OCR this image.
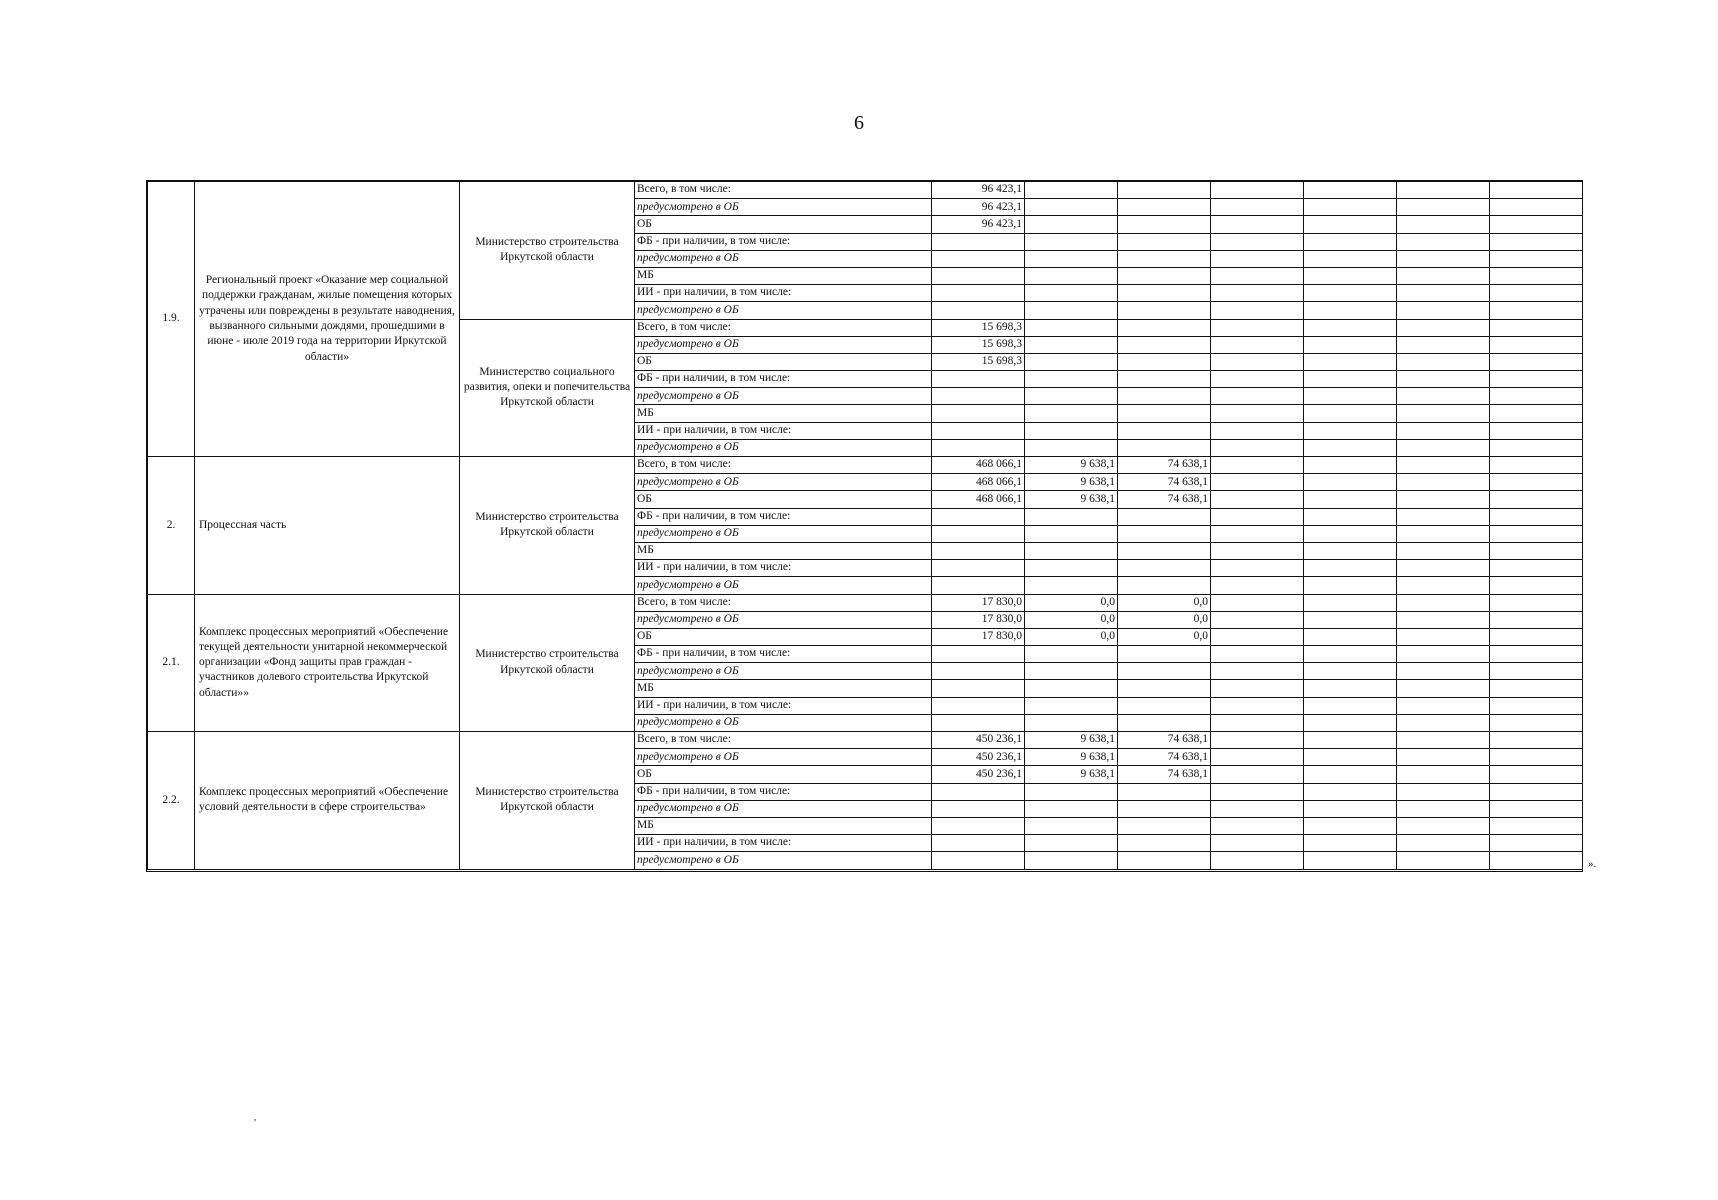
6
1.9.	Региональный проект «Оказание мер социальной поддержки гражданам, жилые помещения которых утрачены или повреждены в результате наводнения, вызванного сильными дождями, прошедшими в июне - июле 2019 года на территории Иркутской области»	Министерство строительства Иркутской области	Всего, в том числе:	96 423,1						
			предусмотрено в ОБ	96 423,1						
			ОБ	96 423,1						
			ФБ - при наличии, в том числе:							
			предусмотрено в ОБ							
			МБ							
			ИИ - при наличии, в том числе:							
			предусмотрено в ОБ							
		Министерство социального развития, опеки и попечительства Иркутской области	Всего, в том числе:	15 698,3						
			предусмотрено в ОБ	15 698,3						
			ОБ	15 698,3						
			ФБ - при наличии, в том числе:							
			предусмотрено в ОБ							
			МБ							
			ИИ - при наличии, в том числе:							
			предусмотрено в ОБ							
2.	Процессная часть	Министерство строительства Иркутской области	Всего, в том числе:	468 066,1	9 638,1	74 638,1				
			предусмотрено в ОБ	468 066,1	9 638,1	74 638,1				
			ОБ	468 066,1	9 638,1	74 638,1				
			ФБ - при наличии, в том числе:							
			предусмотрено в ОБ							
			МБ							
			ИИ - при наличии, в том числе:							
			предусмотрено в ОБ							
2.1.	Комплекс процессных мероприятий «Обеспечение текущей деятельности унитарной некоммерческой организации «Фонд защиты прав граждан - участников долевого строительства Иркутской области»»	Министерство строительства Иркутской области	Всего, в том числе:	17 830,0	0,0	0,0				
			предусмотрено в ОБ	17 830,0	0,0	0,0				
			ОБ	17 830,0	0,0	0,0				
			ФБ - при наличии, в том числе:							
			предусмотрено в ОБ							
			МБ							
			ИИ - при наличии, в том числе:							
			предусмотрено в ОБ							
2.2.	Комплекс процессных мероприятий «Обеспечение условий деятельности в сфере строительства»	Министерство строительства Иркутской области	Всего, в том числе:	450 236,1	9 638,1	74 638,1				
			предусмотрено в ОБ	450 236,1	9 638,1	74 638,1				
			ОБ	450 236,1	9 638,1	74 638,1				
			ФБ - при наличии, в том числе:							
			предусмотрено в ОБ							
			МБ							
			ИИ - при наличии, в том числе:							
			предусмотрено в ОБ								».
'
